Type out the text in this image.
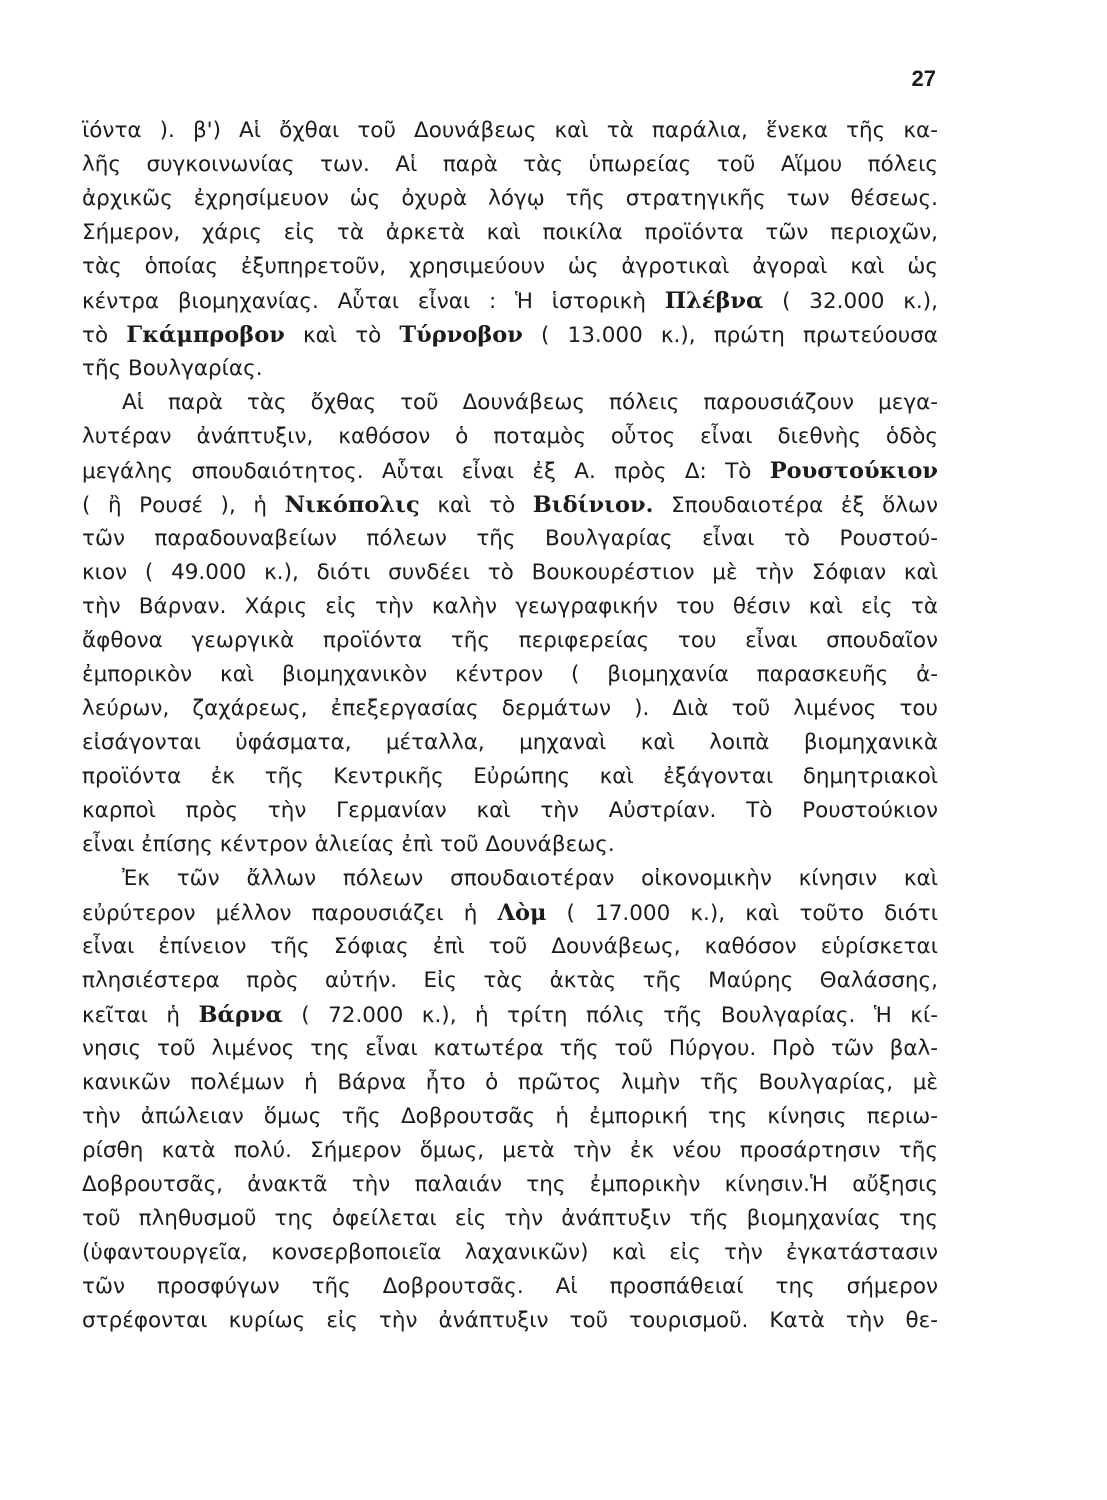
27
ϊόντα ). β') Αἱ ὄχθαι τοῦ Δουνάβεως καὶ τὰ παράλια, ἕνεκα τῆς κα-
λῆς συγκοινωνίας των. Αἱ παρὰ τὰς ὑπωρείας τοῦ Αἵμου πόλεις
ἀρχικῶς ἐχρησίμευον ὡς ὀχυρὰ λόγῳ τῆς στρατηγικῆς των θέσεως.
Σήμερον, χάρις εἰς τὰ ἀρκετὰ καὶ ποικίλα προϊόντα τῶν περιοχῶν,
τὰς ὁποίας ἐξυπηρετοῦν, χρησιμεύουν ὡς ἀγροτικαὶ ἀγοραὶ καὶ ὡς
κέντρα βιομηχανίας. Αὗται εἶναι : Ἡ ἱστορικὴ Πλέβνα ( 32.000 κ.),
τὸ Γκάμπροβον καὶ τὸ Τύρνοβον ( 13.000 κ.), πρώτη πρωτεύουσα
τῆς Βουλγαρίας.
Αἱ παρὰ τὰς ὄχθας τοῦ Δουνάβεως πόλεις παρουσιάζουν μεγα-
λυτέραν ἀνάπτυξιν, καθόσον ὁ ποταμὸς οὗτος εἶναι διεθνὴς ὁδὸς
μεγάλης σπουδαιότητος. Αὗται εἶναι ἐξ Α. πρὸς Δ: Τὸ Ρουστούκιον
( ἢ Ρουσέ ), ἡ Νικόπολις καὶ τὸ Βιδίνιον. Σπουδαιοτέρα ἐξ ὅλων
τῶν παραδουναβείων πόλεων τῆς Βουλγαρίας εἶναι τὸ Ρουστού-
κιον ( 49.000 κ.), διότι συνδέει τὸ Βουκουρέστιον μὲ τὴν Σόφιαν καὶ
τὴν Βάρναν. Χάρις εἰς τὴν καλὴν γεωγραφικήν του θέσιν καὶ εἰς τὰ
ἄφθονα γεωργικὰ προϊόντα τῆς περιφερείας του εἶναι σπουδαῖον
ἐμπορικὸν καὶ βιομηχανικὸν κέντρον ( βιομηχανία παρασκευῆς ἀ-
λεύρων, ζαχάρεως, ἐπεξεργασίας δερμάτων ). Διὰ τοῦ λιμένος του
εἰσάγονται ὑφάσματα, μέταλλα, μηχαναὶ καὶ λοιπὰ βιομηχανικὰ
προϊόντα ἐκ τῆς Κεντρικῆς Εὐρώπης καὶ ἐξάγονται δημητριακοὶ
καρποὶ πρὸς τὴν Γερμανίαν καὶ τὴν Αὐστρίαν. Τὸ Ρουστούκιον
εἶναι ἐπίσης κέντρον ἁλιείας ἐπὶ τοῦ Δουνάβεως.
Ἐκ τῶν ἄλλων πόλεων σπουδαιοτέραν οἰκονομικὴν κίνησιν καὶ
εὐρύτερον μέλλον παρουσιάζει ἡ Λὸμ ( 17.000 κ.), καὶ τοῦτο διότι
εἶναι ἐπίνειον τῆς Σόφιας ἐπὶ τοῦ Δουνάβεως, καθόσον εὑρίσκεται
πλησιέστερα πρὸς αὐτήν. Εἰς τὰς ἀκτὰς τῆς Μαύρης Θαλάσσης,
κεῖται ἡ Βάρνα ( 72.000 κ.), ἡ τρίτη πόλις τῆς Βουλγαρίας. Ἡ κί-
νησις τοῦ λιμένος της εἶναι κατωτέρα τῆς τοῦ Πύργου. Πρὸ τῶν βαλ-
κανικῶν πολέμων ἡ Βάρνα ἦτο ὁ πρῶτος λιμὴν τῆς Βουλγαρίας, μὲ
τὴν ἀπώλειαν ὅμως τῆς Δοβρουτσᾶς ἡ ἐμπορική της κίνησις περιω-
ρίσθη κατὰ πολύ. Σήμερον ὅμως, μετὰ τὴν ἐκ νέου προσάρτησιν τῆς
Δοβρουτσᾶς, ἀνακτᾶ τὴν παλαιάν της ἐμπορικὴν κίνησιν.Ἡ αὔξησις
τοῦ πληθυσμοῦ της ὀφείλεται εἰς τὴν ἀνάπτυξιν τῆς βιομηχανίας της
(ὑφαντουργεῖα, κονσερβοποιεῖα λαχανικῶν) καὶ εἰς τὴν ἐγκατάστασιν
τῶν προσφύγων τῆς Δοβρουτσᾶς. Αἱ προσπάθειαί της σήμερον
στρέφονται κυρίως εἰς τὴν ἀνάπτυξιν τοῦ τουρισμοῦ. Κατὰ τὴν θε-
